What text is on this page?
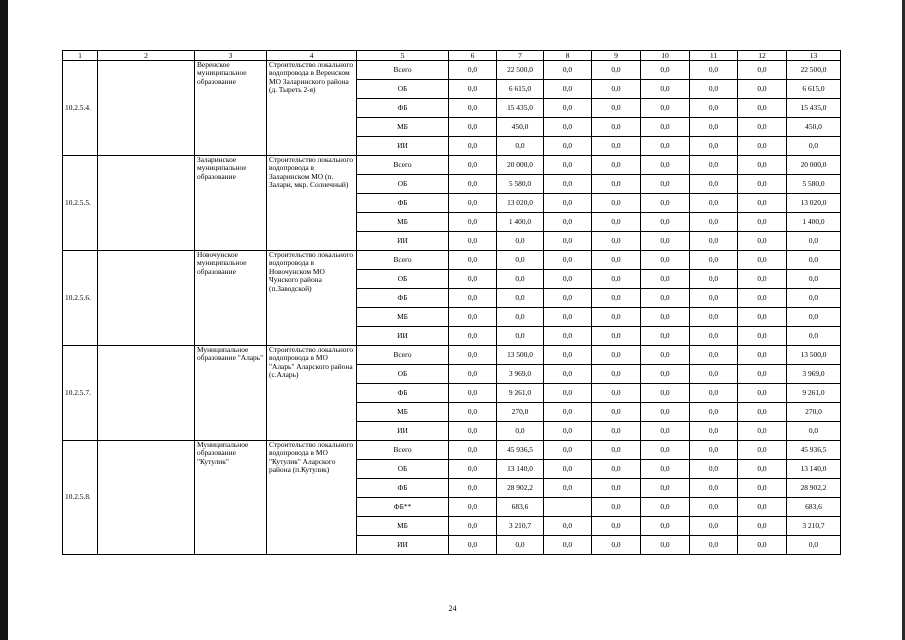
1	2	3	4	5	6	7	8	9	10	11	12	13
10.2.5.4.		Веренское муниципальное образование	Строительство локального водопровода в Веренском МО Заларинского района (д. Тыреть 2-я)	Всего	0,0	22 500,0	0,0	0,0	0,0	0,0	0,0	22 500,0
				ОБ	0,0	6 615,0	0,0	0,0	0,0	0,0	0,0	6 615,0
				ФБ	0,0	15 435,0	0,0	0,0	0,0	0,0	0,0	15 435,0
				МБ	0,0	450,0	0,0	0,0	0,0	0,0	0,0	450,0
				ИИ	0,0	0,0	0,0	0,0	0,0	0,0	0,0	0,0
10.2.5.5.		Заларинское муниципальное образование	Строительство локального водопровода в Заларинском МО (п. Залари, мкр. Солнечный)	Всего	0,0	20 000,0	0,0	0,0	0,0	0,0	0,0	20 000,0
				ОБ	0,0	5 580,0	0,0	0,0	0,0	0,0	0,0	5 580,0
				ФБ	0,0	13 020,0	0,0	0,0	0,0	0,0	0,0	13 020,0
				МБ	0,0	1 400,0	0,0	0,0	0,0	0,0	0,0	1 400,0
				ИИ	0,0	0,0	0,0	0,0	0,0	0,0	0,0	0,0
10.2.5.6.		Новочунское муниципальное образование	Строительство локального водопровода в Новочунском МО Чунского района (п.Заводской)	Всего	0,0	0,0	0,0	0,0	0,0	0,0	0,0	0,0
				ОБ	0,0	0,0	0,0	0,0	0,0	0,0	0,0	0,0
				ФБ	0,0	0,0	0,0	0,0	0,0	0,0	0,0	0,0
				МБ	0,0	0,0	0,0	0,0	0,0	0,0	0,0	0,0
				ИИ	0,0	0,0	0,0	0,0	0,0	0,0	0,0	0,0
10.2.5.7.		Муниципальное образование "Аларь"	Строительство локального водопровода в МО "Аларь" Аларского района (с.Аларь)	Всего	0,0	13 500,0	0,0	0,0	0,0	0,0	0,0	13 500,0
				ОБ	0,0	3 969,0	0,0	0,0	0,0	0,0	0,0	3 969,0
				ФБ	0,0	9 261,0	0,0	0,0	0,0	0,0	0,0	9 261,0
				МБ	0,0	270,0	0,0	0,0	0,0	0,0	0,0	270,0
				ИИ	0,0	0,0	0,0	0,0	0,0	0,0	0,0	0,0
10.2.5.8.		Муниципальное образование "Кутулик"	Строительство локального водопровода в МО "Кутулик" Аларского района (п.Кутулик)	Всего	0,0	45 936,5	0,0	0,0	0,0	0,0	0,0	45 936,5
				ОБ	0,0	13 140,0	0,0	0,0	0,0	0,0	0,0	13 140,0
				ФБ	0,0	28 902,2	0,0	0,0	0,0	0,0	0,0	28 902,2
				ФБ**	0,0	683,6		0,0	0,0	0,0	0,0	683,6
				МБ	0,0	3 210,7	0,0	0,0	0,0	0,0	0,0	3 210,7
				ИИ	0,0	0,0	0,0	0,0	0,0	0,0	0,0	0,0
24
